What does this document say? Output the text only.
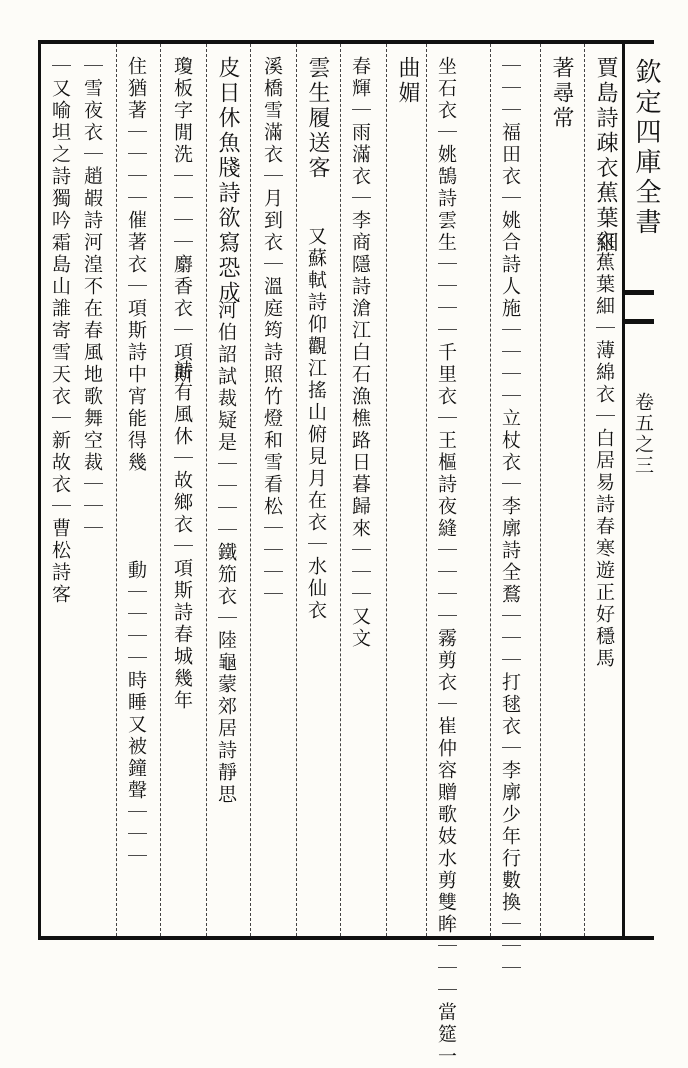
欽定四庫全書
卷五之三
賈島詩疎衣蕉葉細
衣蕉葉細｜薄綿衣｜白居易詩春寒遊正好穩馬
著尋常
｜｜｜福田衣｜姚合詩人施｜｜｜｜立杖衣｜李廓詩全鶩｜｜｜打毬衣｜李廓少年行數換｜｜｜
坐石衣｜姚鵠詩雲生｜｜｜｜千里衣｜王樞詩夜縫｜｜｜｜霧剪衣｜崔仲容贈歌妓水剪雙眸｜｜｜當筵一
曲媚
春輝｜雨滿衣｜李商隱詩滄江白石漁樵路日暮歸來｜｜｜又文
雲生履送客
溪橋雪滿衣｜月到衣｜溫庭筠詩照竹燈和雪看松｜｜｜｜ 又蘇軾詩仰觀江搖山俯見月在衣｜水仙衣
皮日休魚牋詩欲寫恐成
河伯詔試裁疑是｜｜｜｜鐵笳衣｜陸龜蒙郊居詩靜思
瓊板字閒洗｜｜｜｜麝香衣｜項斯
詩有風休｜故鄉衣｜項斯詩春城幾年
住猶著｜｜｜｜催著衣｜項斯詩中宵能得幾
動｜｜｜｜時睡又被鐘聲｜｜｜
｜雪夜衣｜趙嘏詩河湟不在春風地歌舞空裁｜｜｜
｜又喻坦之詩獨吟霜島山誰寄雪天衣｜新故衣｜曹松詩客
